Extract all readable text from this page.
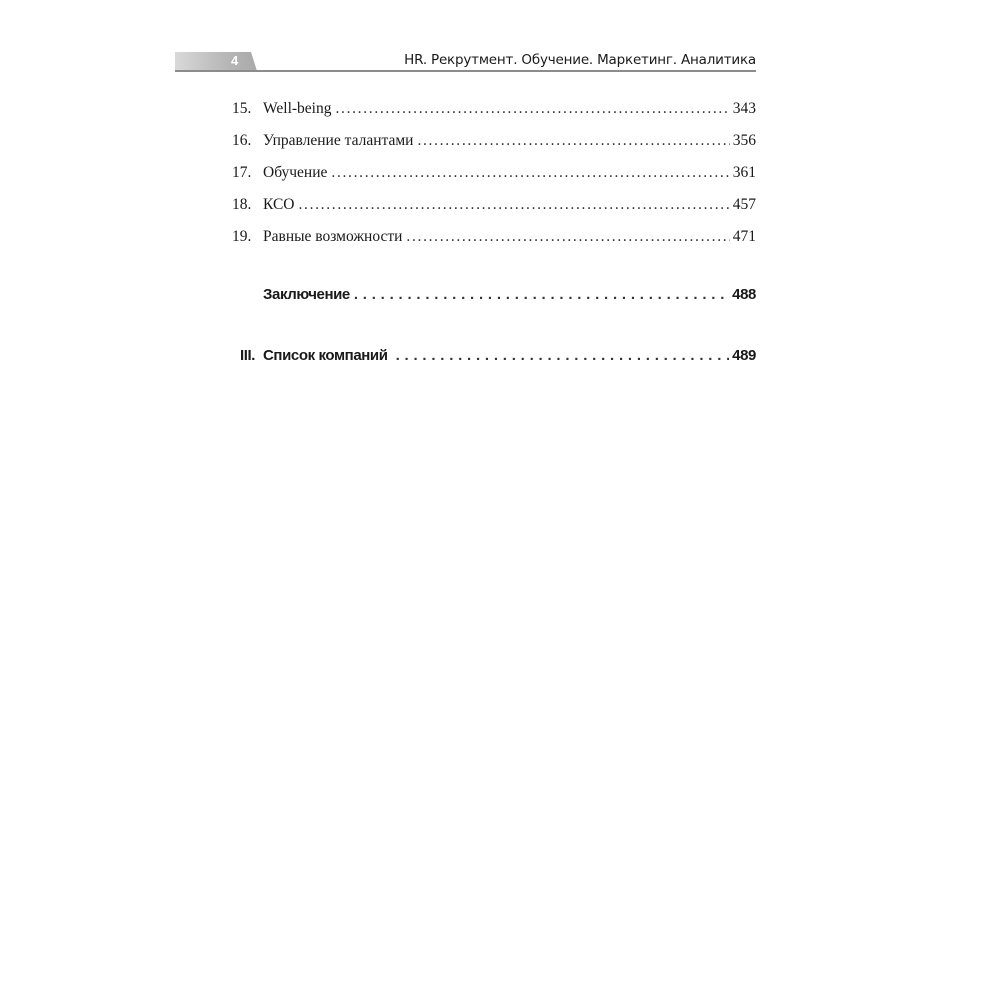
4	HR. Рекрутмент. Обучение. Маркетинг. Аналитика
15. Well-being . . .	343
16. Управление талантами . . .	356
17. Обучение . . .	361
18. КСО . . .	457
19. Равные возможности . . .	471
Заключение . . .	488
III. Список компаний . . .	489
